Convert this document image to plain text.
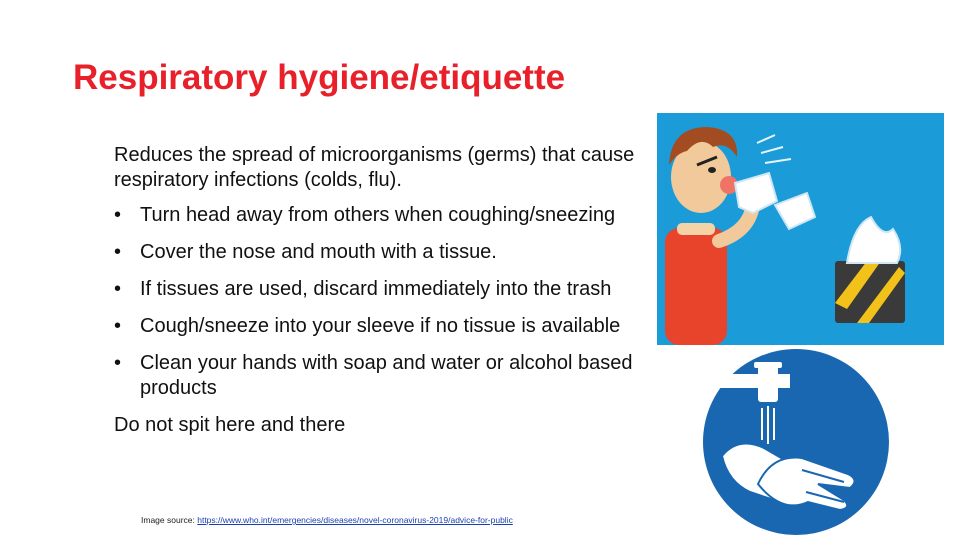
Respiratory hygiene/etiquette

Reduces the spread of microorganisms (germs) that cause respiratory infections (colds, flu).

• Turn head away from others when coughing/sneezing
• Cover the nose and mouth with a tissue.
• If tissues are used, discard immediately into the trash
• Cough/sneeze into your sleeve if no tissue is available
• Clean your hands with soap and water or alcohol based products

Do not spit here and there

Image source: https://www.who.int/emergencies/diseases/novel-coronavirus-2019/advice-for-public
